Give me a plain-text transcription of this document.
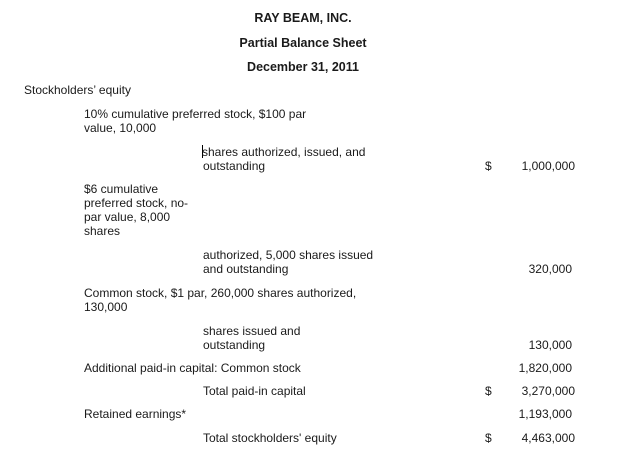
RAY BEAM, INC.
Partial Balance Sheet
December 31, 2011
Stockholders’ equity
10% cumulative preferred stock, $100 par
value, 10,000
shares authorized, issued, and
outstanding	$ 1,000,000
$6 cumulative
preferred stock, no-
par value, 8,000
shares
authorized, 5,000 shares issued
and outstanding	320,000
Common stock, $1 par, 260,000 shares authorized,
130,000
shares issued and
outstanding	130,000
Additional paid-in capital: Common stock	1,820,000
Total paid-in capital	$ 3,270,000
Retained earnings*	1,193,000
Total stockholders' equity	$ 4,463,000
